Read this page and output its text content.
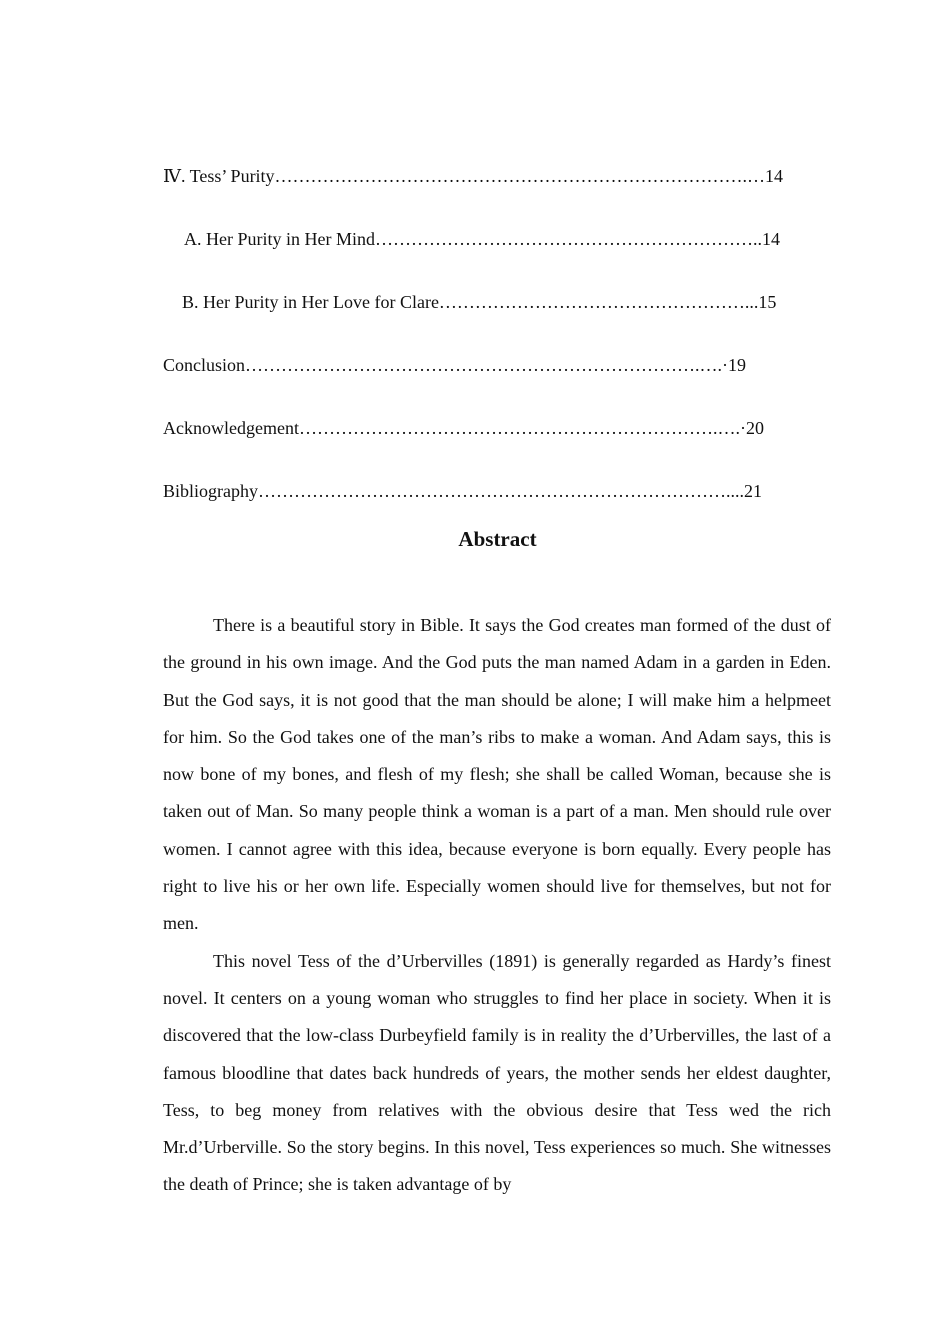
Ⅳ. Tess’ Purity…………………………………………………………………….…14
A. Her Purity in Her Mind………………………………………………………..14
B. Her Purity in Her Love for Clare……………………………………………...15
Conclusion………………………………………………………………….….·19
Acknowledgement…………………………………………………………….….·20
Bibliography……………………………………………………………………....21
Abstract

There is a beautiful story in Bible. It says the God creates man formed of the dust of the ground in his own image. And the God puts the man named Adam in a garden in Eden. But the God says, it is not good that the man should be alone; I will make him a helpmeet for him. So the God takes one of the man’s ribs to make a woman. And Adam says, this is now bone of my bones, and flesh of my flesh; she shall be called Woman, because she is taken out of Man. So many people think a woman is a part of a man. Men should rule over women. I cannot agree with this idea, because everyone is born equally. Every people has right to live his or her own life. Especially women should live for themselves, but not for men.

This novel Tess of the d’Urbervilles (1891) is generally regarded as Hardy’s finest novel. It centers on a young woman who struggles to find her place in society. When it is discovered that the low-class Durbeyfield family is in reality the d’Urbervilles, the last of a famous bloodline that dates back hundreds of years, the mother sends her eldest daughter, Tess, to beg money from relatives with the obvious desire that Tess wed the rich Mr.d’Urberville. So the story begins. In this novel, Tess experiences so much. She witnesses the death of Prince; she is taken advantage of by
